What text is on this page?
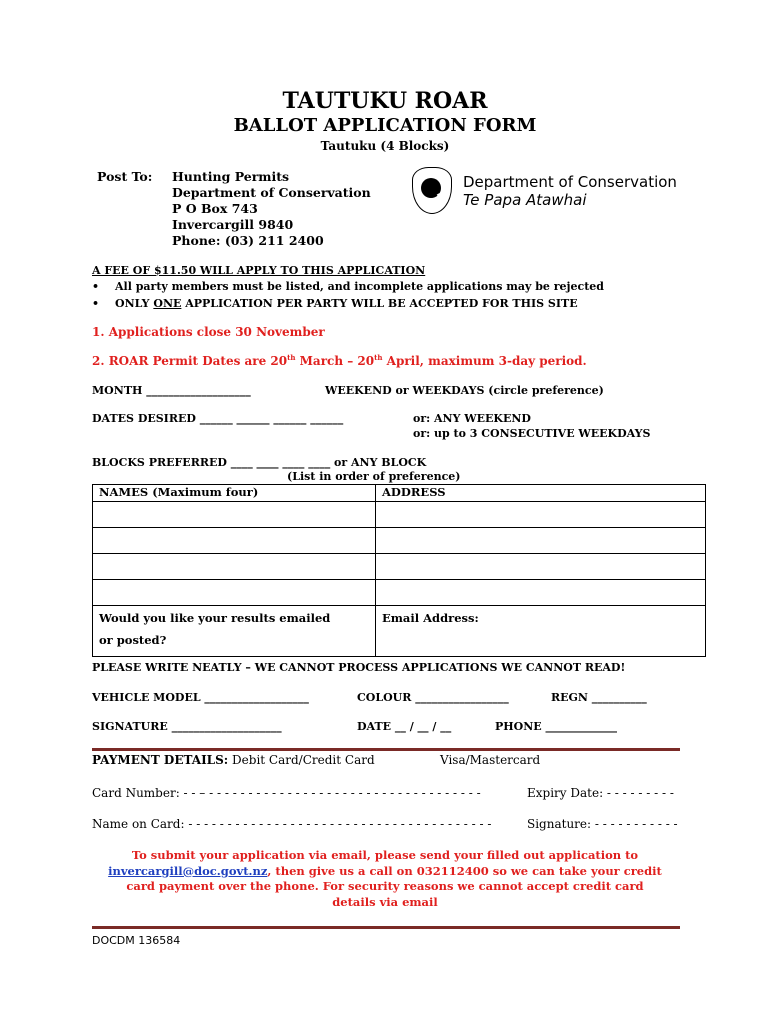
TAUTUKU ROAR
BALLOT APPLICATION FORM
Tautuku (4 Blocks)
Post To: Hunting Permits
Department of Conservation
P O Box 743
Invercargill 9840
Phone: (03) 211 2400
Department of Conservation
Te Papa Atawhai
A FEE OF $11.50 WILL APPLY TO THIS APPLICATION
• All party members must be listed, and incomplete applications may be rejected
• ONLY ONE APPLICATION PER PARTY WILL BE ACCEPTED FOR THIS SITE
1. Applications close 30 November
2. ROAR Permit Dates are 20th March – 20th April, maximum 3-day period.
MONTH ___________________	WEEKEND or WEEKDAYS (circle preference)
DATES DESIRED ______ ______ ______ ______	or: ANY WEEKEND
or: up to 3 CONSECUTIVE WEEKDAYS
BLOCKS PREFERRED ____ ____ ____ ____ or ANY BLOCK
(List in order of preference)
NAMES (Maximum four)	ADDRESS

Would you like your results emailed
or posted?	Email Address:
PLEASE WRITE NEATLY – WE CANNOT PROCESS APPLICATIONS WE CANNOT READ!
VEHICLE MODEL ___________________	COLOUR _________________	REGN __________
SIGNATURE ____________________	DATE __ / __ / __	PHONE _____________
PAYMENT DETAILS: Debit Card/Credit Card	Visa/Mastercard
Card Number: - - – - - - - - - - - - - - - - - - - - - - - - - - - - - - - - - - - - - -	Expiry Date: - - - - - - - - -
Name on Card: - - - - - - - - - - - - - - - - - - - - - - - - - - - - - - - - - - - - - - -	Signature: - - - - - - - - - - -
To submit your application via email, please send your filled out application to
invercargill@doc.govt.nz, then give us a call on 032112400 so we can take your credit
card payment over the phone. For security reasons we cannot accept credit card
details via email
DOCDM 136584
